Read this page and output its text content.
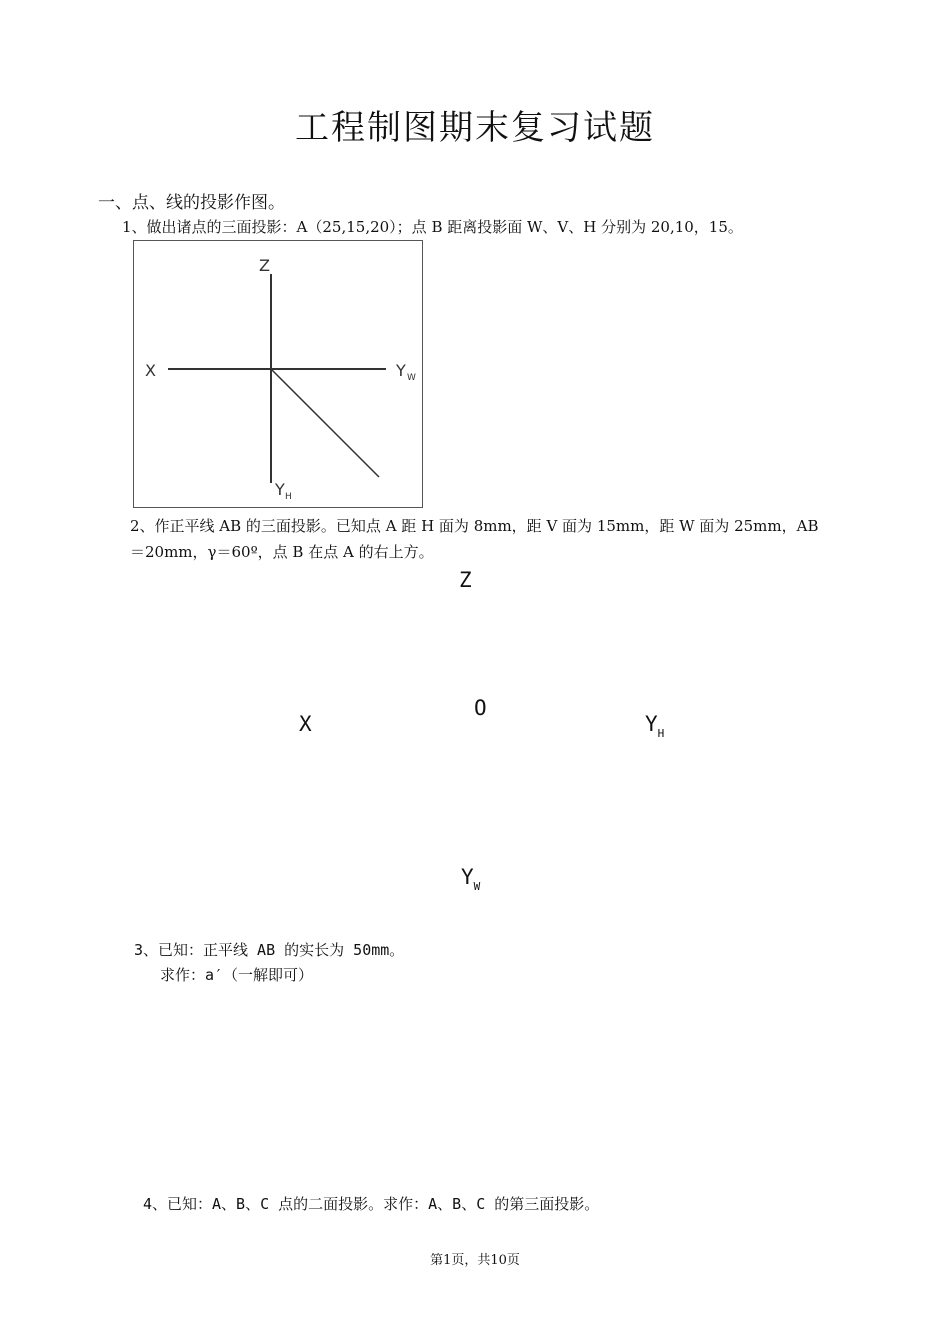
工程制图期末复习试题
一、点、线的投影作图。
1、做出诸点的三面投影：A（25,15,20）；点 B 距离投影面 W、V、H 分别为 20,10，15。
Z
X	Y W
Y H
2、作正平线 AB 的三面投影。已知点 A 距 H 面为 8mm，距 V 面为 15mm，距 W 面为 25mm，AB
＝20mm，γ＝60º，点 B 在点 A 的右上方。
Z
O
X	$Y_H$
$Y_W$
3、已知：正平线 AB 的实长为 50mm。
求作：a′（一解即可）
4、已知：A、B、C 点的二面投影。求作：A、B、C 的第三面投影。
第1页，共10页
